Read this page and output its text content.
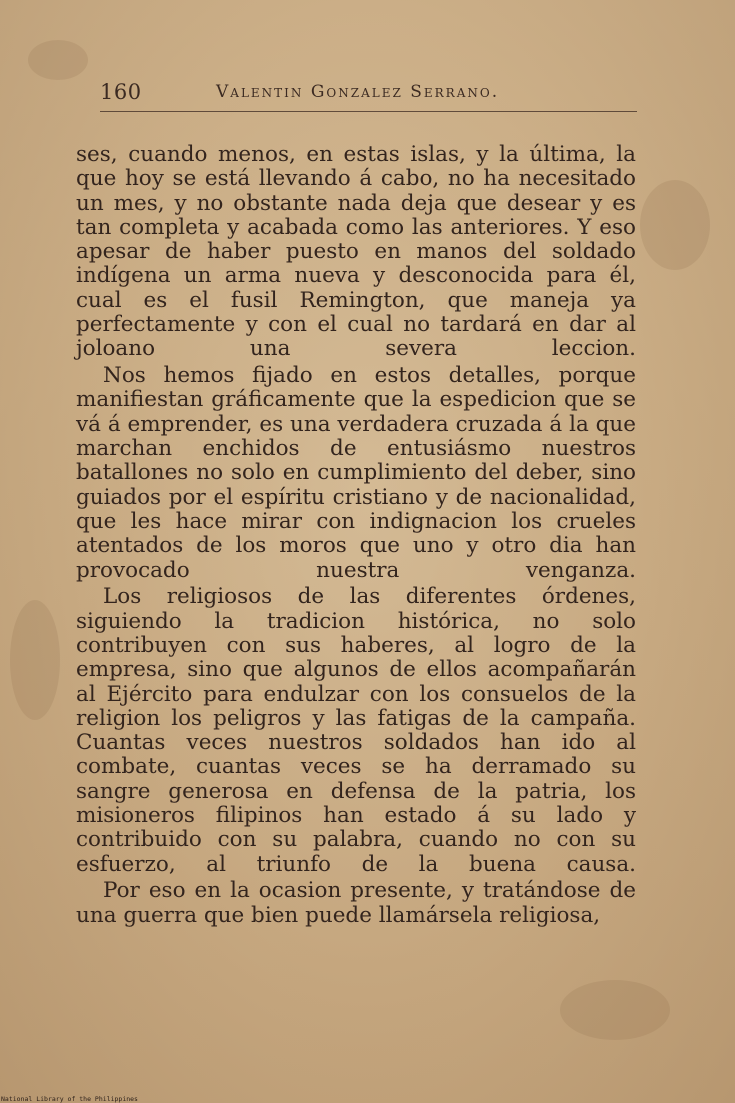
160	Valentin Gonzalez Serrano.

ses, cuando menos, en estas islas, y la última, la que hoy se está llevando á cabo, no ha necesitado un mes, y no obstante nada deja que desear y es tan completa y acabada como las anteriores. Y eso apesar de haber puesto en manos del soldado indígena un arma nueva y desconocida para él, cual es el fusil Remington, que maneja ya perfectamente y con el cual no tardará en dar al joloano una severa leccion.

Nos hemos fijado en estos detalles, porque manifiestan gráficamente que la espedicion que se vá á emprender, es una verdadera cruzada á la que marchan enchidos de entusiásmo nuestros batallones no solo en cumplimiento del deber, sino guiados por el espíritu cristiano y de nacionalidad, que les hace mirar con indignacion los crueles atentados de los moros que uno y otro dia han provocado nuestra venganza.

Los religiosos de las diferentes órdenes, siguiendo la tradicion histórica, no solo contribuyen con sus haberes, al logro de la empresa, sino que algunos de ellos acompañarán al Ejército para endulzar con los consuelos de la religion los peligros y las fatigas de la campaña. Cuantas veces nuestros soldados han ido al combate, cuantas veces se ha derramado su sangre generosa en defensa de la patria, los misioneros filipinos han estado á su lado y contribuido con su palabra, cuando no con su esfuerzo, al triunfo de la buena causa.

Por eso en la ocasion presente, y tratándose de una guerra que bien puede llamársela religiosa,

National Library of the Philippines
